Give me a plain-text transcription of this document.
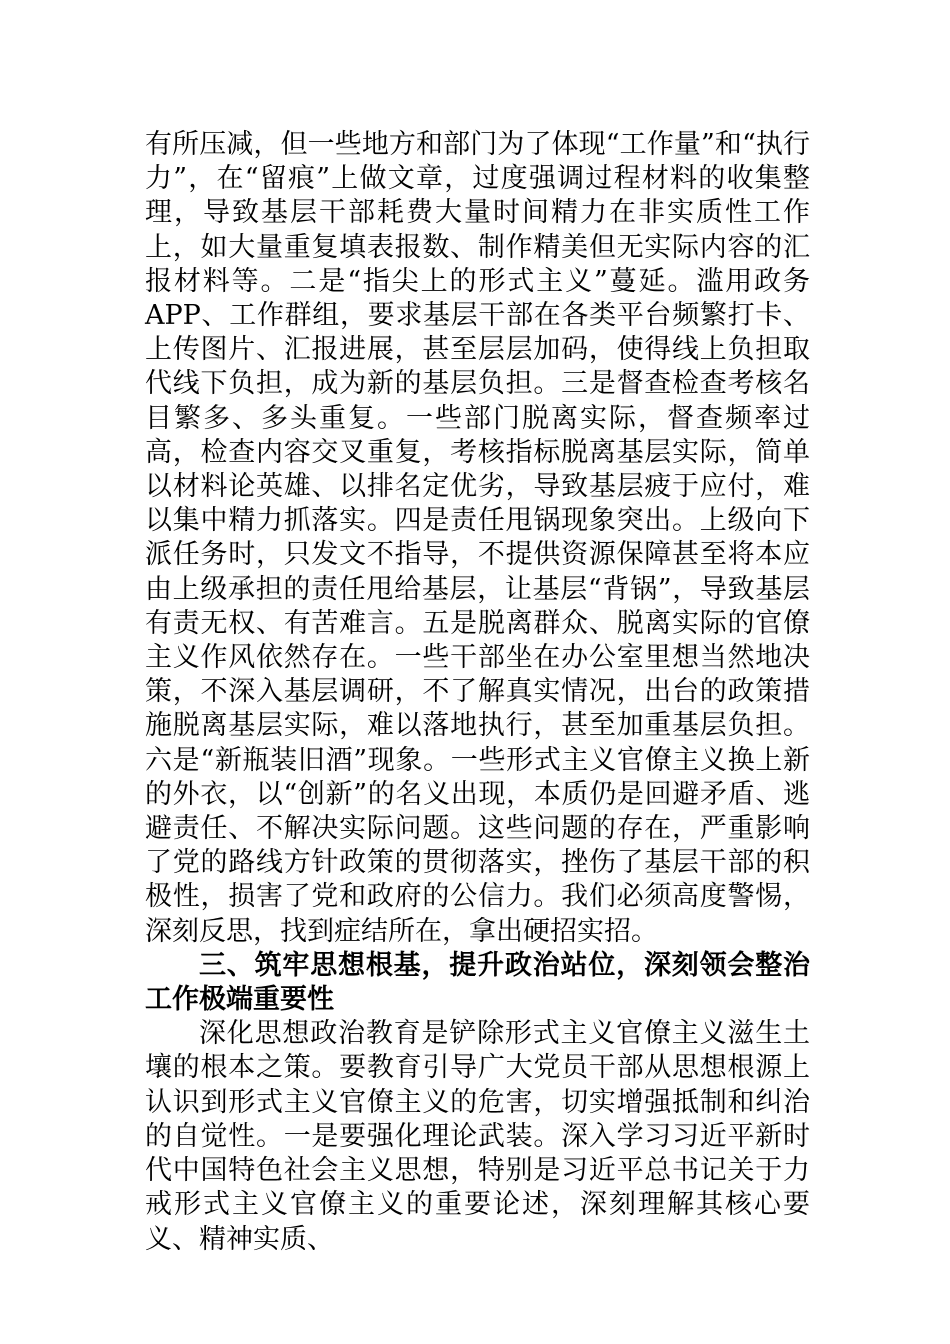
有所压减，但一些地方和部门为了体现“工作量”和“执行力”，在“留痕”上做文章，过度强调过程材料的收集整理，导致基层干部耗费大量时间精力在非实质性工作上，如大量重复填表报数、制作精美但无实际内容的汇报材料等。二是“指尖上的形式主义”蔓延。滥用政务 APP、工作群组，要求基层干部在各类平台频繁打卡、上传图片、汇报进展，甚至层层加码，使得线上负担取代线下负担，成为新的基层负担。三是督查检查考核名目繁多、多头重复。一些部门脱离实际，督查频率过高，检查内容交叉重复，考核指标脱离基层实际，简单以材料论英雄、以排名定优劣，导致基层疲于应付，难以集中精力抓落实。四是责任甩锅现象突出。上级向下派任务时，只发文不指导，不提供资源保障甚至将本应由上级承担的责任甩给基层，让基层“背锅”，导致基层有责无权、有苦难言。五是脱离群众、脱离实际的官僚主义作风依然存在。一些干部坐在办公室里想当然地决策，不深入基层调研，不了解真实情况，出台的政策措施脱离基层实际，难以落地执行，甚至加重基层负担。六是“新瓶装旧酒”现象。一些形式主义官僚主义换上新的外衣，以“创新”的名义出现，本质仍是回避矛盾、逃避责任、不解决实际问题。这些问题的存在，严重影响了党的路线方针政策的贯彻落实，挫伤了基层干部的积极性，损害了党和政府的公信力。我们必须高度警惕，深刻反思，找到症结所在，拿出硬招实招。

三、筑牢思想根基，提升政治站位，深刻领会整治工作极端重要性

深化思想政治教育是铲除形式主义官僚主义滋生土壤的根本之策。要教育引导广大党员干部从思想根源上认识到形式主义官僚主义的危害，切实增强抵制和纠治的自觉性。一是要强化理论武装。深入学习习近平新时代中国特色社会主义思想，特别是习近平总书记关于力戒形式主义官僚主义的重要论述，深刻理解其核心要义、精神实质、
